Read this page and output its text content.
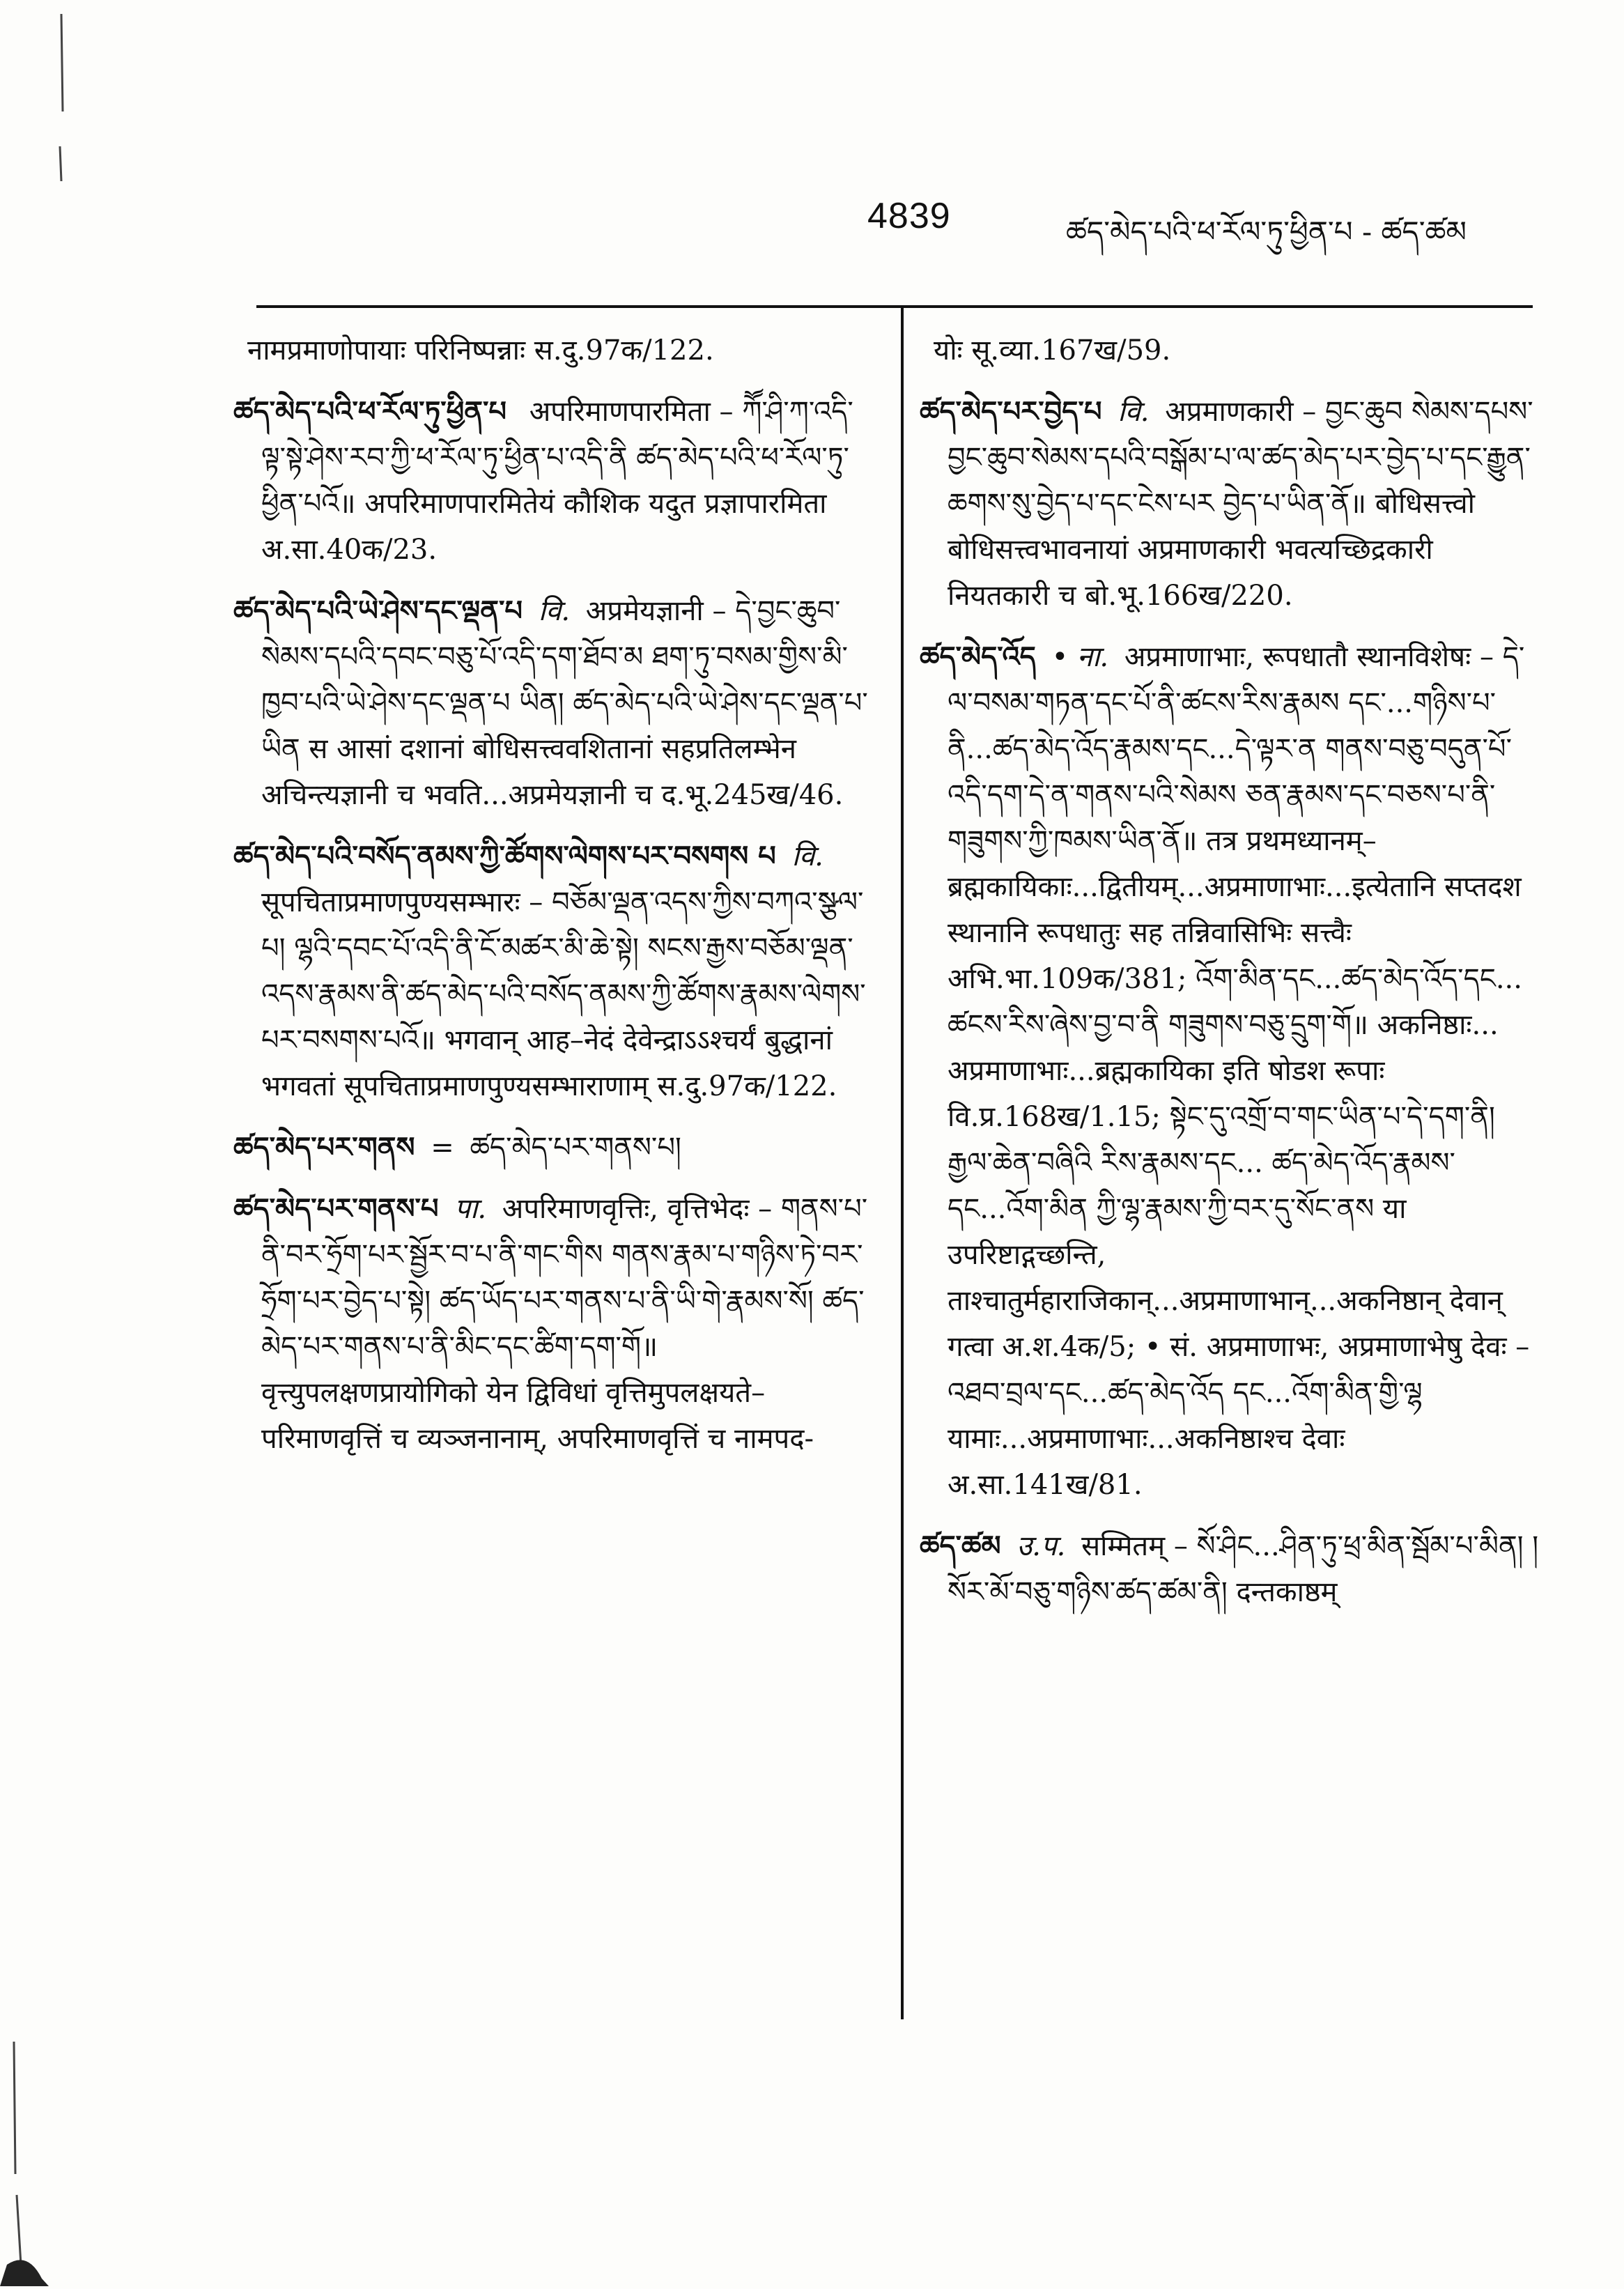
4839	ཚད་མེད་པའི་ཕ་རོལ་ཏུ་ཕྱིན་པ - ཚད་ཚམ

नामप्रमाणोपायाः परिनिष्पन्नाः स.दु.97क/122.

ཚད་མེད་པའི་ཕ་རོལ་ཏུ་ཕྱིན་པ अपरिमाणपारमिता – ཀཽ་ཤི་ཀ་འདི་ལྟ་སྟེ་ཤེས་རབ་ཀྱི་ཕ་རོལ་ཏུ་ཕྱིན་པ་འདི་ནི ཚད་མེད་པའི་ཕ་རོལ་ཏུ་ཕྱིན་པའོ॥ अपरिमाणपारमितेयं कौशिक यदुत प्रज्ञापारमिता अ.सा.40क/23.

ཚད་མེད་པའི་ཡེ་ཤེས་དང་ལྡན་པ वि. अप्रमेयज्ञानी – དེ་བྱང་ཆུབ་སེམས་དཔའི་དབང་བཅུ་པོ་འདི་དག་ཐོབ་མ ཐག་ཏུ་བསམ་གྱིས་མི་ཁྱབ་པའི་ཡེ་ཤེས་དང་ལྡན་པ ཡིན། ཚད་མེད་པའི་ཡེ་ཤེས་དང་ལྡན་པ་ཡིན स आसां दशानां बोधिसत्त्ववशितानां सहप्रतिलम्भेन अचिन्त्यज्ञानी च भवति...अप्रमेयज्ञानी च द.भू.245ख/46.

ཚད་མེད་པའི་བསོད་ནམས་ཀྱི་ཚོགས་ལེགས་པར་བསགས པ वि. सूपचिताप्रमाणपुण्यसम्भारः – བཅོམ་ལྡན་འདས་ཀྱིས་བཀའ་སྩལ་པ། ལྷའི་དབང་པོ་འདི་ནི་ངོ་མཚར་མི་ཆེ་སྟེ། སངས་རྒྱས་བཅོམ་ལྡན་འདས་རྣམས་ནི་ཚད་མེད་པའི་བསོད་ནམས་ཀྱི་ཚོགས་རྣམས་ལེགས་པར་བསགས་པའོ॥ भगवान् आह–नेदं देवेन्द्राऽऽश्चर्यं बुद्धानां भगवतां सूपचिताप्रमाणपुण्यसम्भाराणाम् स.दु.97क/122.

ཚད་མེད་པར་གནས = ཚད་མེད་པར་གནས་པ།

ཚད་མེད་པར་གནས་པ पा. अपरिमाणवृत्तिः, वृत्तिभेदः – གནས་པ་ནི་བར་ཧྲོག་པར་སྦྱོར་བ་པ་ནི་གང་གིས གནས་རྣམ་པ་གཉིས་ཏེ་བར་ཧྲོག་པར་བྱེད་པ་སྟེ། ཚད་ཡོད་པར་གནས་པ་ནི་ཡི་གེ་རྣམས་སོ། ཚད་མེད་པར་གནས་པ་ནི་མིང་དང་ཚིག་དག་གོ॥ वृत्त्युपलक्षणप्रायोगिको येन द्विविधां वृत्तिमुपलक्षयते–परिमाणवृत्तिं च व्यञ्जनानाम्, अपरिमाणवृत्तिं च नामपद-

योः सू.व्या.167ख/59.

ཚད་མེད་པར་བྱེད་པ वि. अप्रमाणकारी – བྱང་ཆུབ སེམས་དཔས་བྱང་ཆུབ་སེམས་དཔའི་བསྒོམ་པ་ལ་ཚད་མེད་པར་བྱེད་པ་དང་རྒྱུན་ཆགས་སུ་བྱེད་པ་དང་ངེས་པར བྱེད་པ་ཡིན་ནོ॥ बोधिसत्त्वो बोधिसत्त्वभावनायां अप्रमाणकारी भवत्यच्छिद्रकारी नियतकारी च बो.भू.166ख/220.

ཚད་མེད་འོད • ना. अप्रमाणाभाः, रूपधातौ स्थानविशेषः – དེ་ལ་བསམ་གཏན་དང་པོ་ནི་ཚངས་རིས་རྣམས དང་...གཉིས་པ་ནི...ཚད་མེད་འོད་རྣམས་དང...དེ་ལྟར་ན གནས་བཅུ་བདུན་པོ་འདི་དག་དེ་ན་གནས་པའི་སེམས ཅན་རྣམས་དང་བཅས་པ་ནི་གཟུགས་ཀྱི་ཁམས་ཡིན་ནོ॥ तत्र प्रथमध्यानम्–ब्रह्मकायिकाः...द्वितीयम्...अप्रमाणाभाः...इत्येतानि सप्तदश स्थानानि रूपधातुः सह तन्निवासिभिः सत्त्वैः अभि.भा.109क/381; འོག་མིན་དང...ཚད་མེད་འོད་དང... ཚངས་རིས་ཞེས་བྱ་བ་ནི གཟུགས་བཅུ་དྲུག་གོ॥ अकनिष्ठाः... अप्रमाणाभाः...ब्रह्मकायिका इति षोडश रूपाः वि.प्र.168ख/1.15; སྟེང་དུ་འགྲོ་བ་གང་ཡིན་པ་དེ་དག་ནི། རྒྱལ་ཆེན་བཞིའི རིས་རྣམས་དང... ཚད་མེད་འོད་རྣམས་དང...འོག་མིན ཀྱི་ལྷ་རྣམས་ཀྱི་བར་དུ་སོང་ནས या उपरिष्टाद्गच्छन्ति, ताश्चातुर्महाराजिकान्...अप्रमाणाभान्...अकनिष्ठान् देवान् गत्वा अ.श.4क/5; • सं. अप्रमाणाभः, अप्रमाणाभेषु देवः – འཐབ་བྲལ་དང...ཚད་མེད་འོད དང...འོག་མིན་གྱི་ལྷ यामाः...अप्रमाणाभाः...अकनिष्ठाश्च देवाः अ.सा.141ख/81.

ཚད་ཚམ उ.प. सम्मितम् – སོ་ཤིང...ཤིན་ཏུ་ཕྲ་མིན་སྦོམ་པ་མིན། །སོར་མོ་བཅུ་གཉིས་ཚད་ཚམ་ནི། दन्तकाष्ठम्
